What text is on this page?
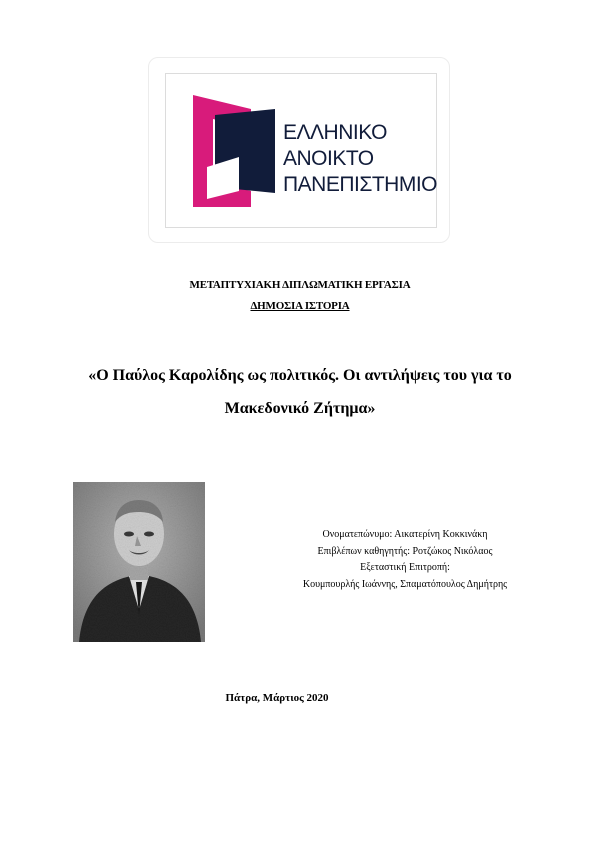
ΕΛΛΗΝΙΚΟ
ΑΝΟΙΚΤΟ
ΠΑΝΕΠΙΣΤΗΜΙΟ
ΜΕΤΑΠΤΥΧΙΑΚΗ ΔΙΠΛΩΜΑΤΙΚΗ ΕΡΓΑΣΙΑ
ΔΗΜΟΣΙΑ ΙΣΤΟΡΙΑ
«Ο Παύλος Καρολίδης ως πολιτικός. Οι αντιλήψεις του για το
Μακεδονικό Ζήτημα»
Ονοματεπώνυμο: Αικατερίνη Κοκκινάκη
Επιβλέπων καθηγητής: Ροτζώκος Νικόλαος
Εξεταστική Επιτροπή:
Κουμπουρλής Ιωάννης, Σπαματόπουλος Δημήτρης
Πάτρα, Μάρτιος 2020
